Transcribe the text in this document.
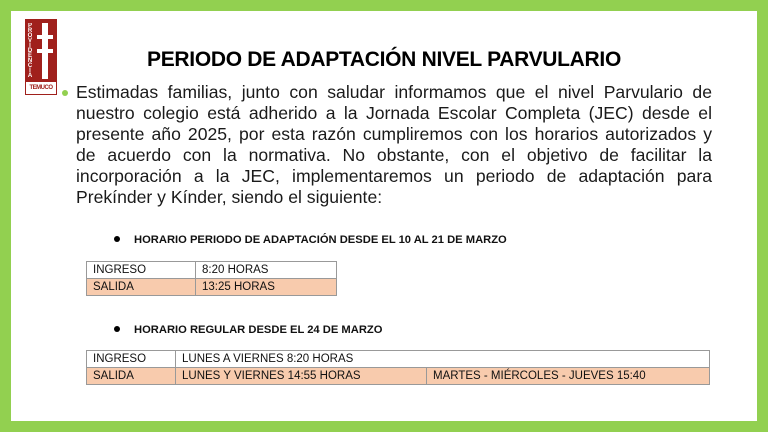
PROVIDENCIA
TEMUCO
PERIODO DE ADAPTACIÓN NIVEL PARVULARIO
Estimadas familias, junto con saludar informamos que el nivel Parvulario de nuestro colegio está adherido a la Jornada Escolar Completa (JEC) desde el presente año 2025, por esta razón cumpliremos con los horarios autorizados y de acuerdo con la normativa. No obstante, con el objetivo de facilitar la incorporación a la JEC, implementaremos un periodo de adaptación para Prekínder y Kínder, siendo el siguiente:
HORARIO PERIODO DE ADAPTACIÓN DESDE EL 10 AL 21 DE MARZO
INGRESO	8:20 HORAS
SALIDA	13:25 HORAS
HORARIO REGULAR DESDE EL 24 DE MARZO
INGRESO	LUNES A VIERNES 8:20 HORAS	
SALIDA	LUNES Y VIERNES 14:55 HORAS	MARTES - MIÉRCOLES - JUEVES 15:40
